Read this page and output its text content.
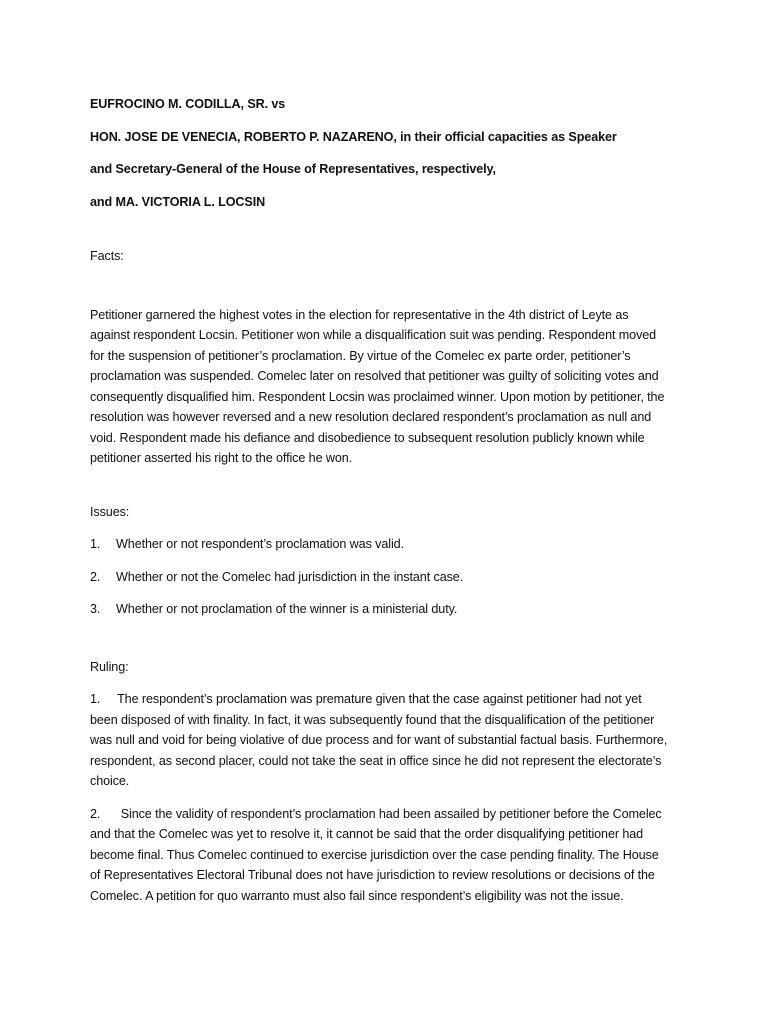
EUFROCINO M. CODILLA, SR. vs

HON. JOSE DE VENECIA, ROBERTO P. NAZARENO, in their official capacities as Speaker

and Secretary-General of the House of Representatives, respectively,

and MA. VICTORIA L. LOCSIN

Facts:

Petitioner garnered the highest votes in the election for representative in the 4th district of Leyte as against respondent Locsin. Petitioner won while a disqualification suit was pending. Respondent moved for the suspension of petitioner’s proclamation. By virtue of the Comelec ex parte order, petitioner’s proclamation was suspended. Comelec later on resolved that petitioner was guilty of soliciting votes and consequently disqualified him. Respondent Locsin was proclaimed winner. Upon motion by petitioner, the resolution was however reversed and a new resolution declared respondent’s proclamation as null and void. Respondent made his defiance and disobedience to subsequent resolution publicly known while petitioner asserted his right to the office he won.

Issues:

1.	Whether or not respondent’s proclamation was valid.
2.	Whether or not the Comelec had jurisdiction in the instant case.
3.	Whether or not proclamation of the winner is a ministerial duty.

Ruling:

1.     The respondent’s proclamation was premature given that the case against petitioner had not yet been disposed of with finality. In fact, it was subsequently found that the disqualification of the petitioner was null and void for being violative of due process and for want of substantial factual basis. Furthermore, respondent, as second placer, could not take the seat in office since he did not represent the electorate’s choice.

2.      Since the validity of respondent’s proclamation had been assailed by petitioner before the Comelec and that the Comelec was yet to resolve it, it cannot be said that the order disqualifying petitioner had become final. Thus Comelec continued to exercise jurisdiction over the case pending finality. The House of Representatives Electoral Tribunal does not have jurisdiction to review resolutions or decisions of the Comelec. A petition for quo warranto must also fail since respondent’s eligibility was not the issue.
